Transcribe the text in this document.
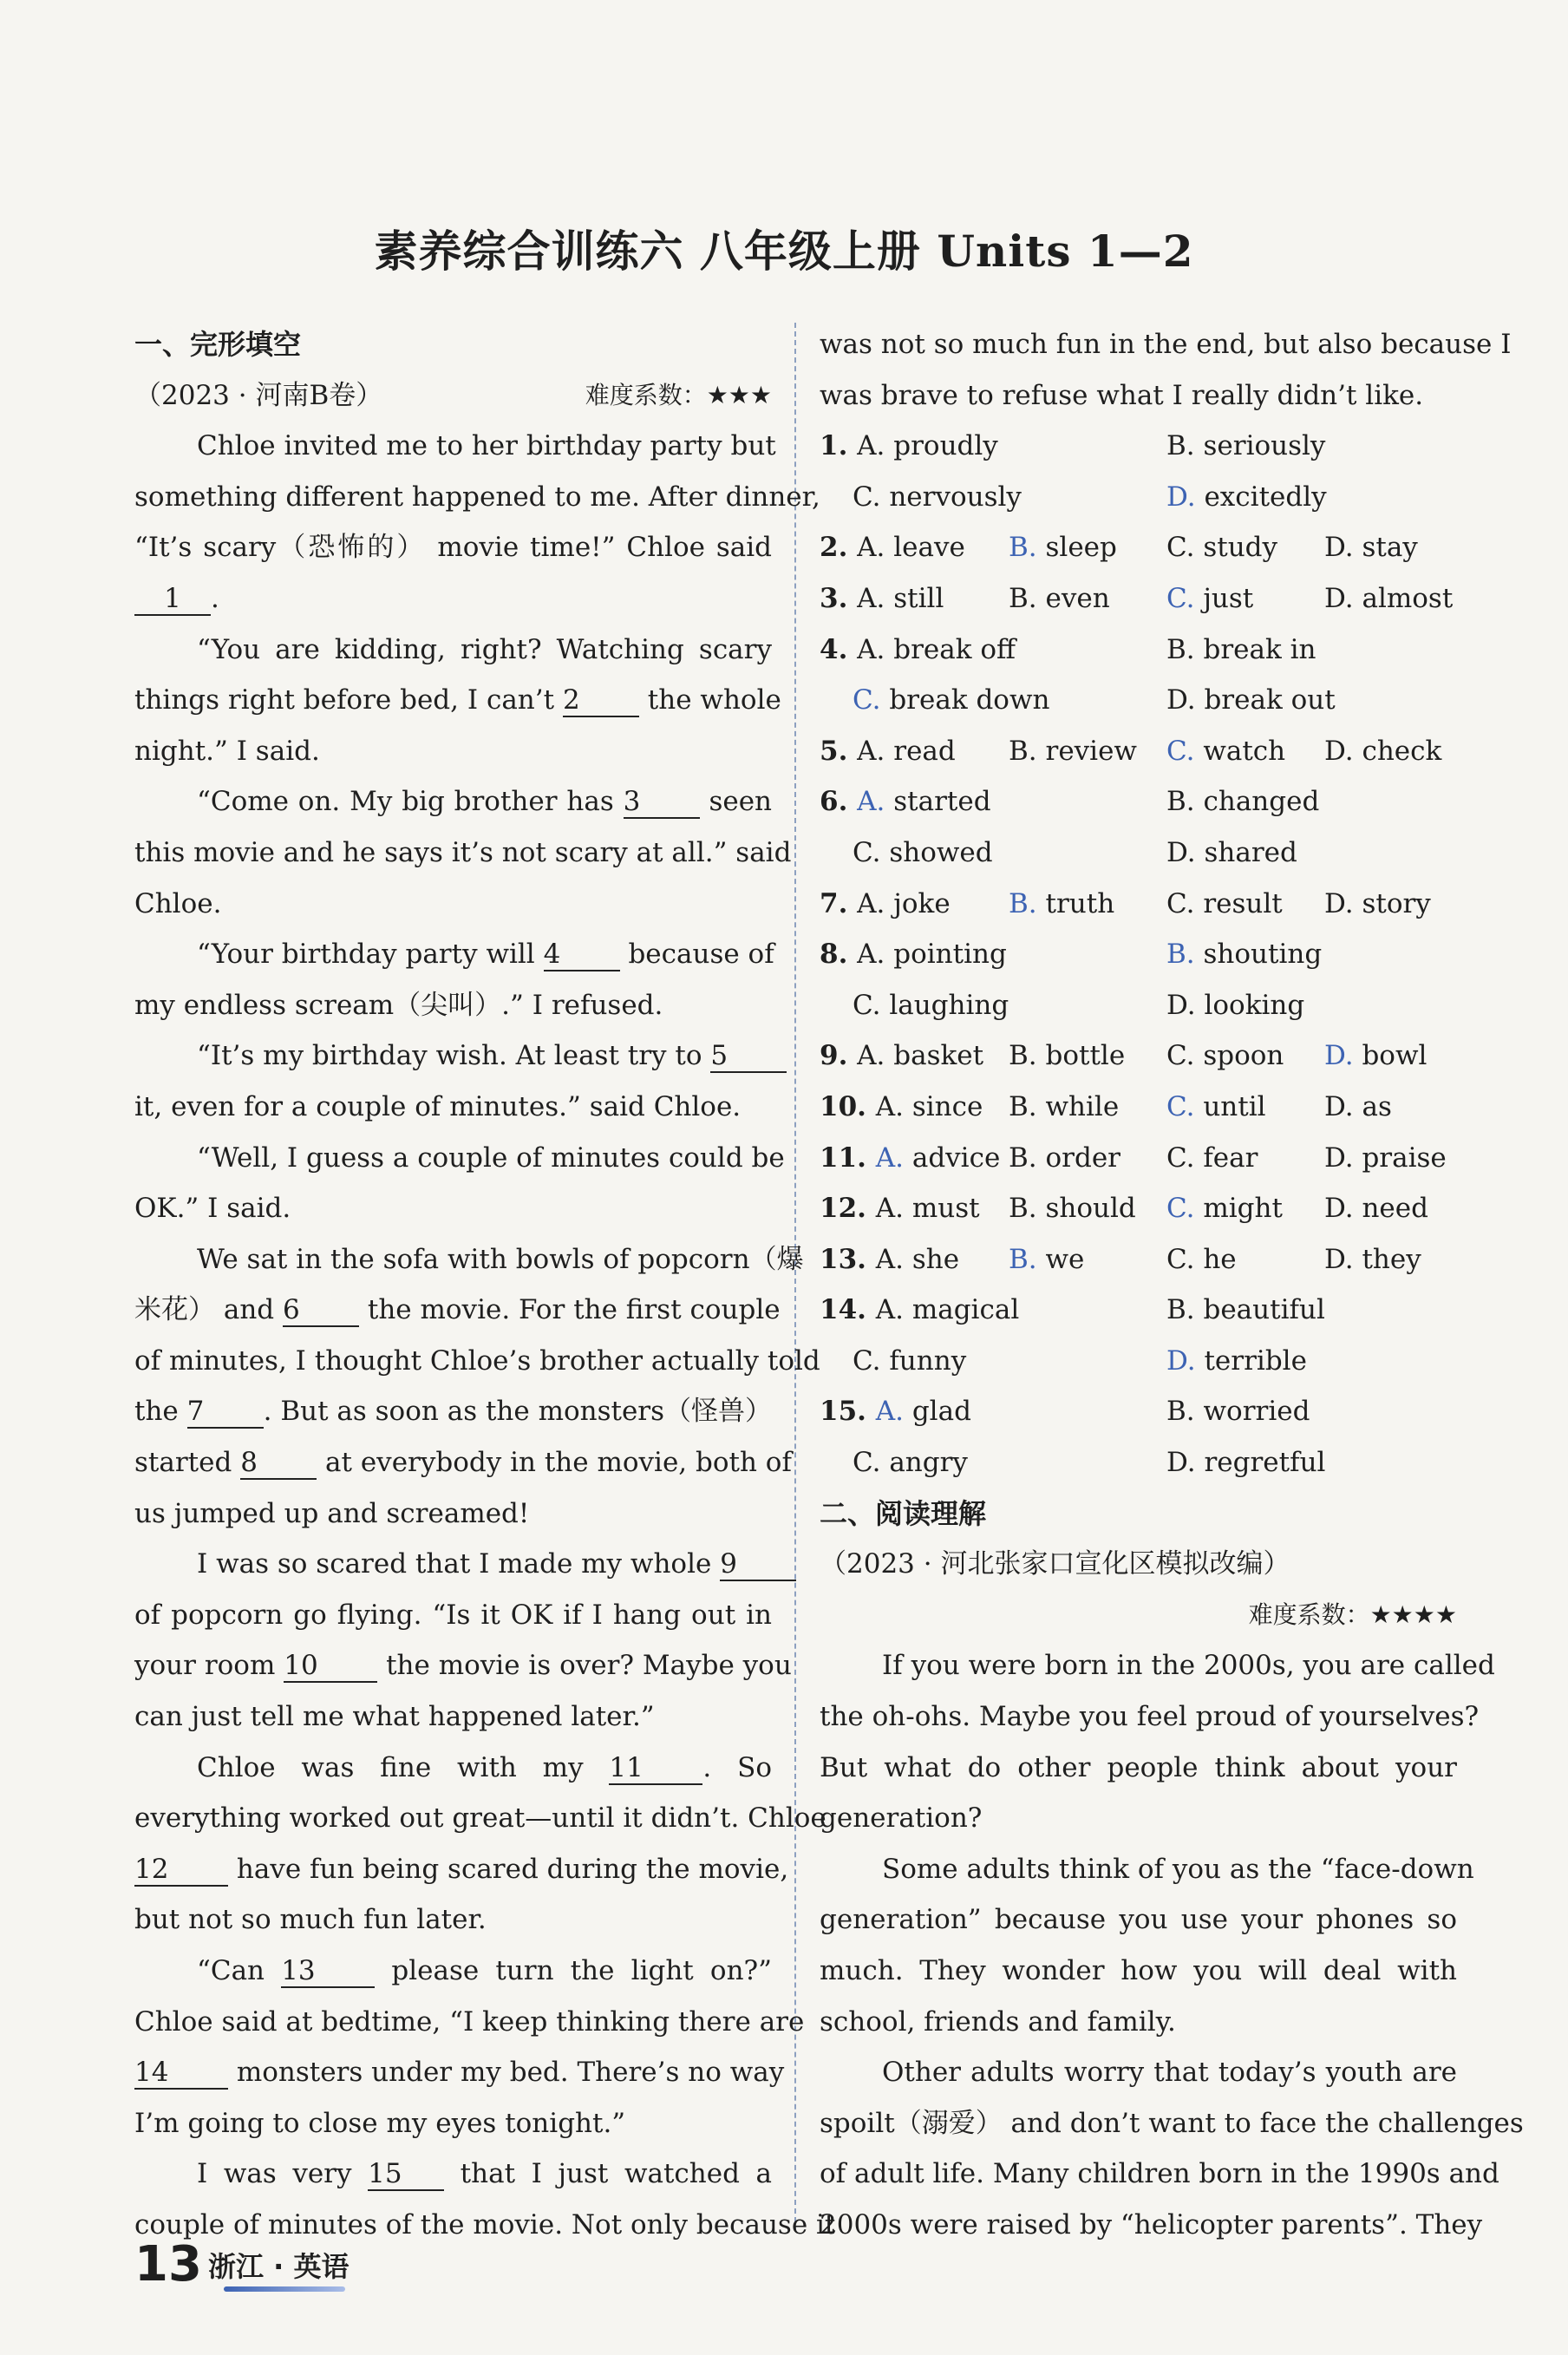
素养综合训练六 八年级上册 Units 1—2
一、完形填空
（2023 · 河南B卷）	难度系数：★★★
Chloe invited me to her birthday party but
something different happened to me. After dinner,
“It’s scary（恐怖的） movie time!” Chloe said
1 .
“You are kidding, right? Watching scary
things right before bed, I can’t 2	the whole
night.” I said.
“Come on. My big brother has 3	seen
this movie and he says it’s not scary at all.” said
Chloe.
“Your birthday party will 4	because of
my endless scream（尖叫）.” I refused.
“It’s my birthday wish. At least try to 5
it, even for a couple of minutes.” said Chloe.
“Well, I guess a couple of minutes could be
OK.” I said.
We sat in the sofa with bowls of popcorn（爆
米花） and 6	the movie. For the first couple
of minutes, I thought Chloe’s brother actually told
the 7 . But as soon as the monsters（怪兽）
started 8	at everybody in the movie, both of
us jumped up and screamed!
I was so scared that I made my whole 9
of popcorn go flying. “Is it OK if I hang out in
your room 10	the movie is over? Maybe you
can just tell me what happened later.”
Chloe was fine with my 11 . So
everything worked out great—until it didn’t. Chloe
12	have fun being scared during the movie,
but not so much fun later.
“Can 13	please turn the light on?”
Chloe said at bedtime, “I keep thinking there are
14	monsters under my bed. There’s no way
I’m going to close my eyes tonight.”
I was very 15 that I just watched a
couple of minutes of the movie. Not only because it
was not so much fun in the end, but also because I
was brave to refuse what I really didn’t like.
1. A. proudly	B. seriously
C. nervously	D. excitedly
2. A. leave B. sleep C. study D. stay
3. A. still B. even C. just	D. almost
4. A. break off	B. break in
C. break down	D. break out
5. A. read B. review C. watch D. check
6. A. started	B. changed
C. showed	D. shared
7. A. joke B. truth C. result D. story
8. A. pointing	B. shouting
C. laughing	D. looking
9. A. basket B. bottle C. spoon D. bowl
10. A. since B. while C. until D. as
11. A. advice B. order C. fear D. praise
12. A. must B. should C. might D. need
13. A. she B. we	C. he	D. they
14. A. magical	B. beautiful
C. funny	D. terrible
15. A. glad	B. worried
C. angry	D. regretful
二、阅读理解
（2023 · 河北张家口宣化区模拟改编）
难度系数：★★★★
If you were born in the 2000s, you are called
the oh-ohs. Maybe you feel proud of yourselves?
But what do other people think about your
generation?
Some adults think of you as the “face-down
generation” because you use your phones so
much. They wonder how you will deal with
school, friends and family.
Other adults worry that today’s youth are
spoilt（溺爱） and don’t want to face the challenges
of adult life. Many children born in the 1990s and
2000s were raised by “helicopter parents”. They
13 浙江 · 英语
